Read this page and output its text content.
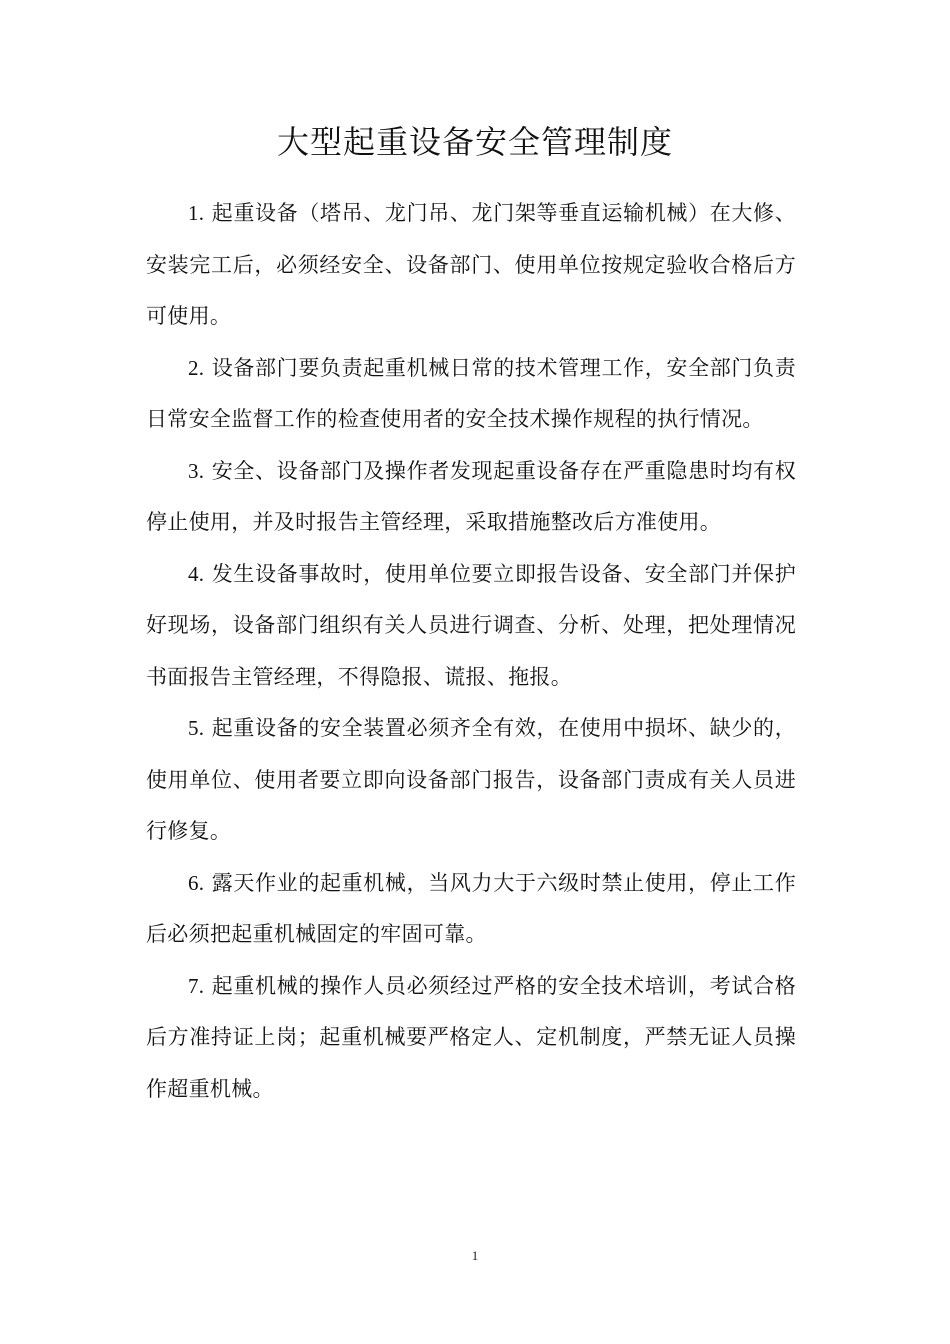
大型起重设备安全管理制度

1. 起重设备（塔吊、龙门吊、龙门架等垂直运输机械）在大修、安装完工后，必须经安全、设备部门、使用单位按规定验收合格后方可使用。

2. 设备部门要负责起重机械日常的技术管理工作，安全部门负责日常安全监督工作的检查使用者的安全技术操作规程的执行情况。

3. 安全、设备部门及操作者发现起重设备存在严重隐患时均有权停止使用，并及时报告主管经理，采取措施整改后方准使用。

4. 发生设备事故时，使用单位要立即报告设备、安全部门并保护好现场，设备部门组织有关人员进行调查、分析、处理，把处理情况书面报告主管经理，不得隐报、谎报、拖报。

5. 起重设备的安全装置必须齐全有效，在使用中损坏、缺少的，使用单位、使用者要立即向设备部门报告，设备部门责成有关人员进行修复。

6. 露天作业的起重机械，当风力大于六级时禁止使用，停止工作后必须把起重机械固定的牢固可靠。

7. 起重机械的操作人员必须经过严格的安全技术培训，考试合格后方准持证上岗；起重机械要严格定人、定机制度，严禁无证人员操作超重机械。

1
